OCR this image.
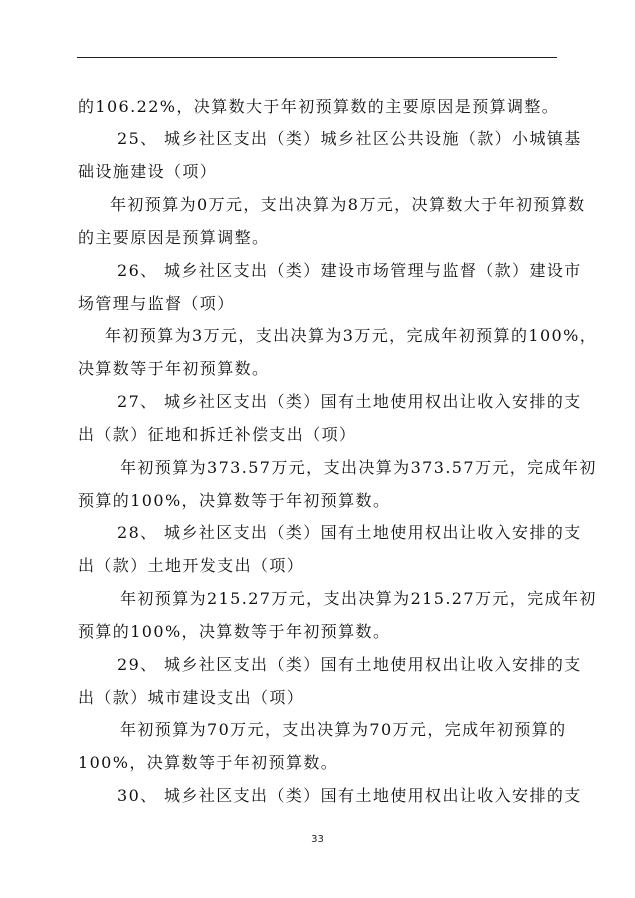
的106.22%，决算数大于年初预算数的主要原因是预算调整。
25、 城乡社区支出（类）城乡社区公共设施（款）小城镇基
础设施建设（项）
年初预算为0万元，支出决算为8万元，决算数大于年初预算数
的主要原因是预算调整。
26、 城乡社区支出（类）建设市场管理与监督（款）建设市
场管理与监督（项）
年初预算为3万元，支出决算为3万元，完成年初预算的100%，
决算数等于年初预算数。
27、 城乡社区支出（类）国有土地使用权出让收入安排的支
出（款）征地和拆迁补偿支出（项）
年初预算为373.57万元，支出决算为373.57万元，完成年初
预算的100%，决算数等于年初预算数。
28、 城乡社区支出（类）国有土地使用权出让收入安排的支
出（款）土地开发支出（项）
年初预算为215.27万元，支出决算为215.27万元，完成年初
预算的100%，决算数等于年初预算数。
29、 城乡社区支出（类）国有土地使用权出让收入安排的支
出（款）城市建设支出（项）
年初预算为70万元，支出决算为70万元，完成年初预算的
100%，决算数等于年初预算数。
30、 城乡社区支出（类）国有土地使用权出让收入安排的支
33
